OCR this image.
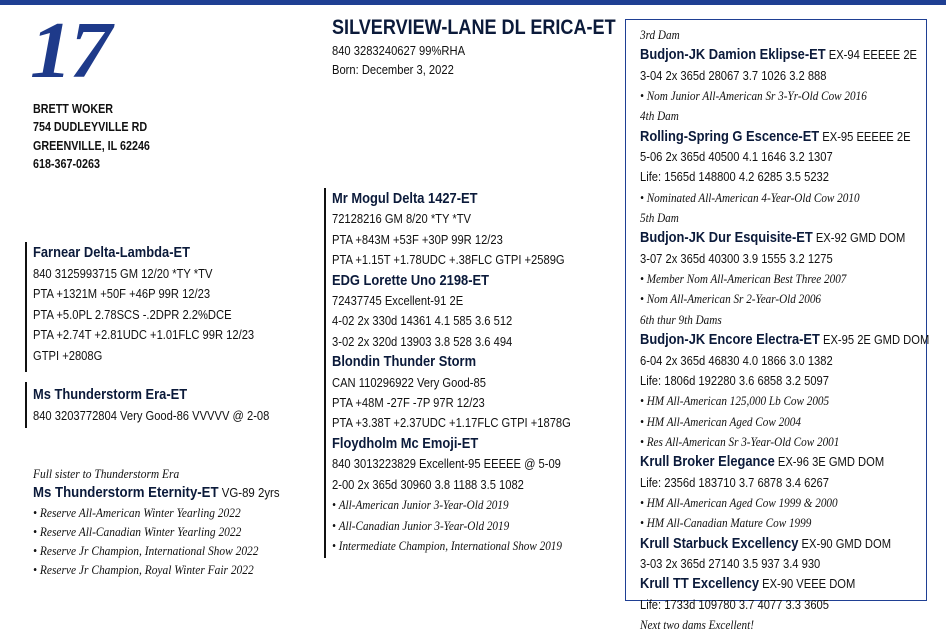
17
BRETT WOKER
754 DUDLEYVILLE RD
GREENVILLE, IL 62246
618-367-0263
Farnear Delta-Lambda-ET
840 3125993715 GM 12/20 *TY *TV
PTA +1321M +50F +46P 99R 12/23
PTA +5.0PL 2.78SCS -.2DPR 2.2%DCE
PTA +2.74T +2.81UDC +1.01FLC 99R 12/23
GTPI +2808G
Ms Thunderstorm Era-ET
840 3203772804 Very Good-86 VVVVV @ 2-08
Full sister to Thunderstorm Era
Ms Thunderstorm Eternity-ET VG-89 2yrs
• Reserve All-American Winter Yearling 2022
• Reserve All-Canadian Winter Yearling 2022
• Reserve Jr Champion, International Show 2022
• Reserve Jr Champion, Royal Winter Fair 2022
SILVERVIEW-LANE DL ERICA-ET
840 3283240627 99%RHA
Born: December 3, 2022
Mr Mogul Delta 1427-ET
72128216 GM 8/20 *TY *TV
PTA +843M +53F +30P 99R 12/23
PTA +1.15T +1.78UDC +.38FLC GTPI +2589G
EDG Lorette Uno 2198-ET
72437745 Excellent-91 2E
4-02 2x 330d 14361 4.1 585 3.6 512
3-02 2x 320d 13903 3.8 528 3.6 494
Blondin Thunder Storm
CAN 110296922 Very Good-85
PTA +48M -27F -7P 97R 12/23
PTA +3.38T +2.37UDC +1.17FLC GTPI +1878G
Floydholm Mc Emoji-ET
840 3013223829 Excellent-95 EEEEE @ 5-09
2-00 2x 365d 30960 3.8 1188 3.5 1082
• All-American Junior 3-Year-Old 2019
• All-Canadian Junior 3-Year-Old 2019
• Intermediate Champion, International Show 2019
3rd Dam
Budjon-JK Damion Eklipse-ET EX-94 EEEEE 2E
3-04 2x 365d 28067 3.7 1026 3.2 888
• Nom Junior All-American Sr 3-Yr-Old Cow 2016
4th Dam
Rolling-Spring G Escence-ET EX-95 EEEEE 2E
5-06 2x 365d 40500 4.1 1646 3.2 1307
Life: 1565d 148800 4.2 6285 3.5 5232
• Nominated All-American 4-Year-Old Cow 2010
5th Dam
Budjon-JK Dur Esquisite-ET EX-92 GMD DOM
3-07 2x 365d 40300 3.9 1555 3.2 1275
• Member Nom All-American Best Three 2007
• Nom All-American Sr 2-Year-Old 2006
6th thur 9th Dams
Budjon-JK Encore Electra-ET EX-95 2E GMD DOM
6-04 2x 365d 46830 4.0 1866 3.0 1382
Life: 1806d 192280 3.6 6858 3.2 5097
• HM All-American 125,000 Lb Cow 2005
• HM All-American Aged Cow 2004
• Res All-American Sr 3-Year-Old Cow 2001
Krull Broker Elegance EX-96 3E GMD DOM
Life: 2356d 183710 3.7 6878 3.4 6267
• HM All-American Aged Cow 1999 & 2000
• HM All-Canadian Mature Cow 1999
Krull Starbuck Excellency EX-90 GMD DOM
3-03 2x 365d 27140 3.5 937 3.4 930
Krull TT Excellency EX-90 VEEE DOM
Life: 1733d 109780 3.7 4077 3.3 3605
Next two dams Excellent!
